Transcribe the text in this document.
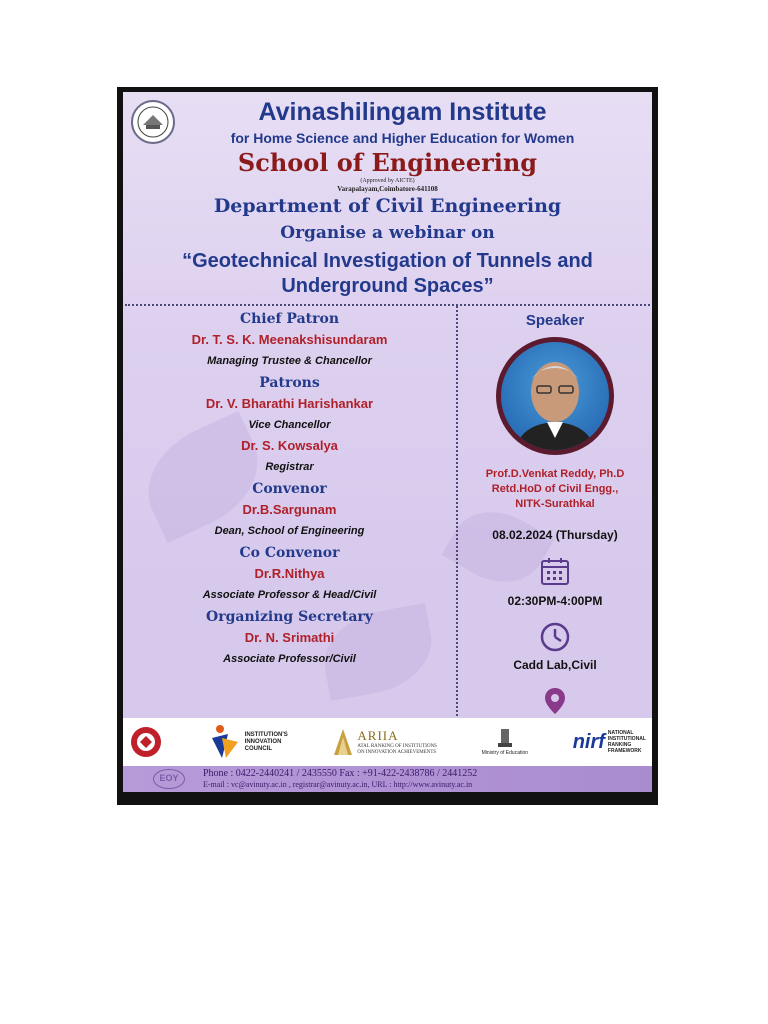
Avinashilingam Institute
for Home Science and Higher Education for Women
School of Engineering
(Approved by AICTE)
Varapalayam,Coimbatore-641108
Department of Civil Engineering
Organise a webinar on
“Geotechnical Investigation of Tunnels and Underground Spaces”
Chief Patron
Dr. T. S. K. Meenakshisundaram
Managing Trustee & Chancellor
Patrons
Dr. V. Bharathi Harishankar
Vice Chancellor
Dr. S. Kowsalya
Registrar
Convenor
Dr.B.Sargunam
Dean, School of Engineering
Co Convenor
Dr.R.Nithya
Associate Professor & Head/Civil
Organizing Secretary
Dr. N. Srimathi
Associate Professor/Civil
Speaker
Prof.D.Venkat Reddy, Ph.D
Retd.HoD of Civil Engg.,
NITK-Surathkal
08.02.2024 (Thursday)
02:30PM-4:00PM
Cadd Lab,Civil
INSTITUTION'S
INNOVATION
COUNCIL
ARIIA
ATAL RANKING OF INSTITUTIONS
ON INNOVATION ACHIEVEMENTS	Ministry of Education
nirf NATIONAL
INSTITUTIONAL
RANKING
FRAMEWORK
EOY	Phone : 0422-2440241 / 2435550 Fax : +91-422-2438786 / 2441252
E-mail : vc@avinuty.ac.in , registrar@avinuty.ac.in, URL : http://www.avinuty.ac.in
